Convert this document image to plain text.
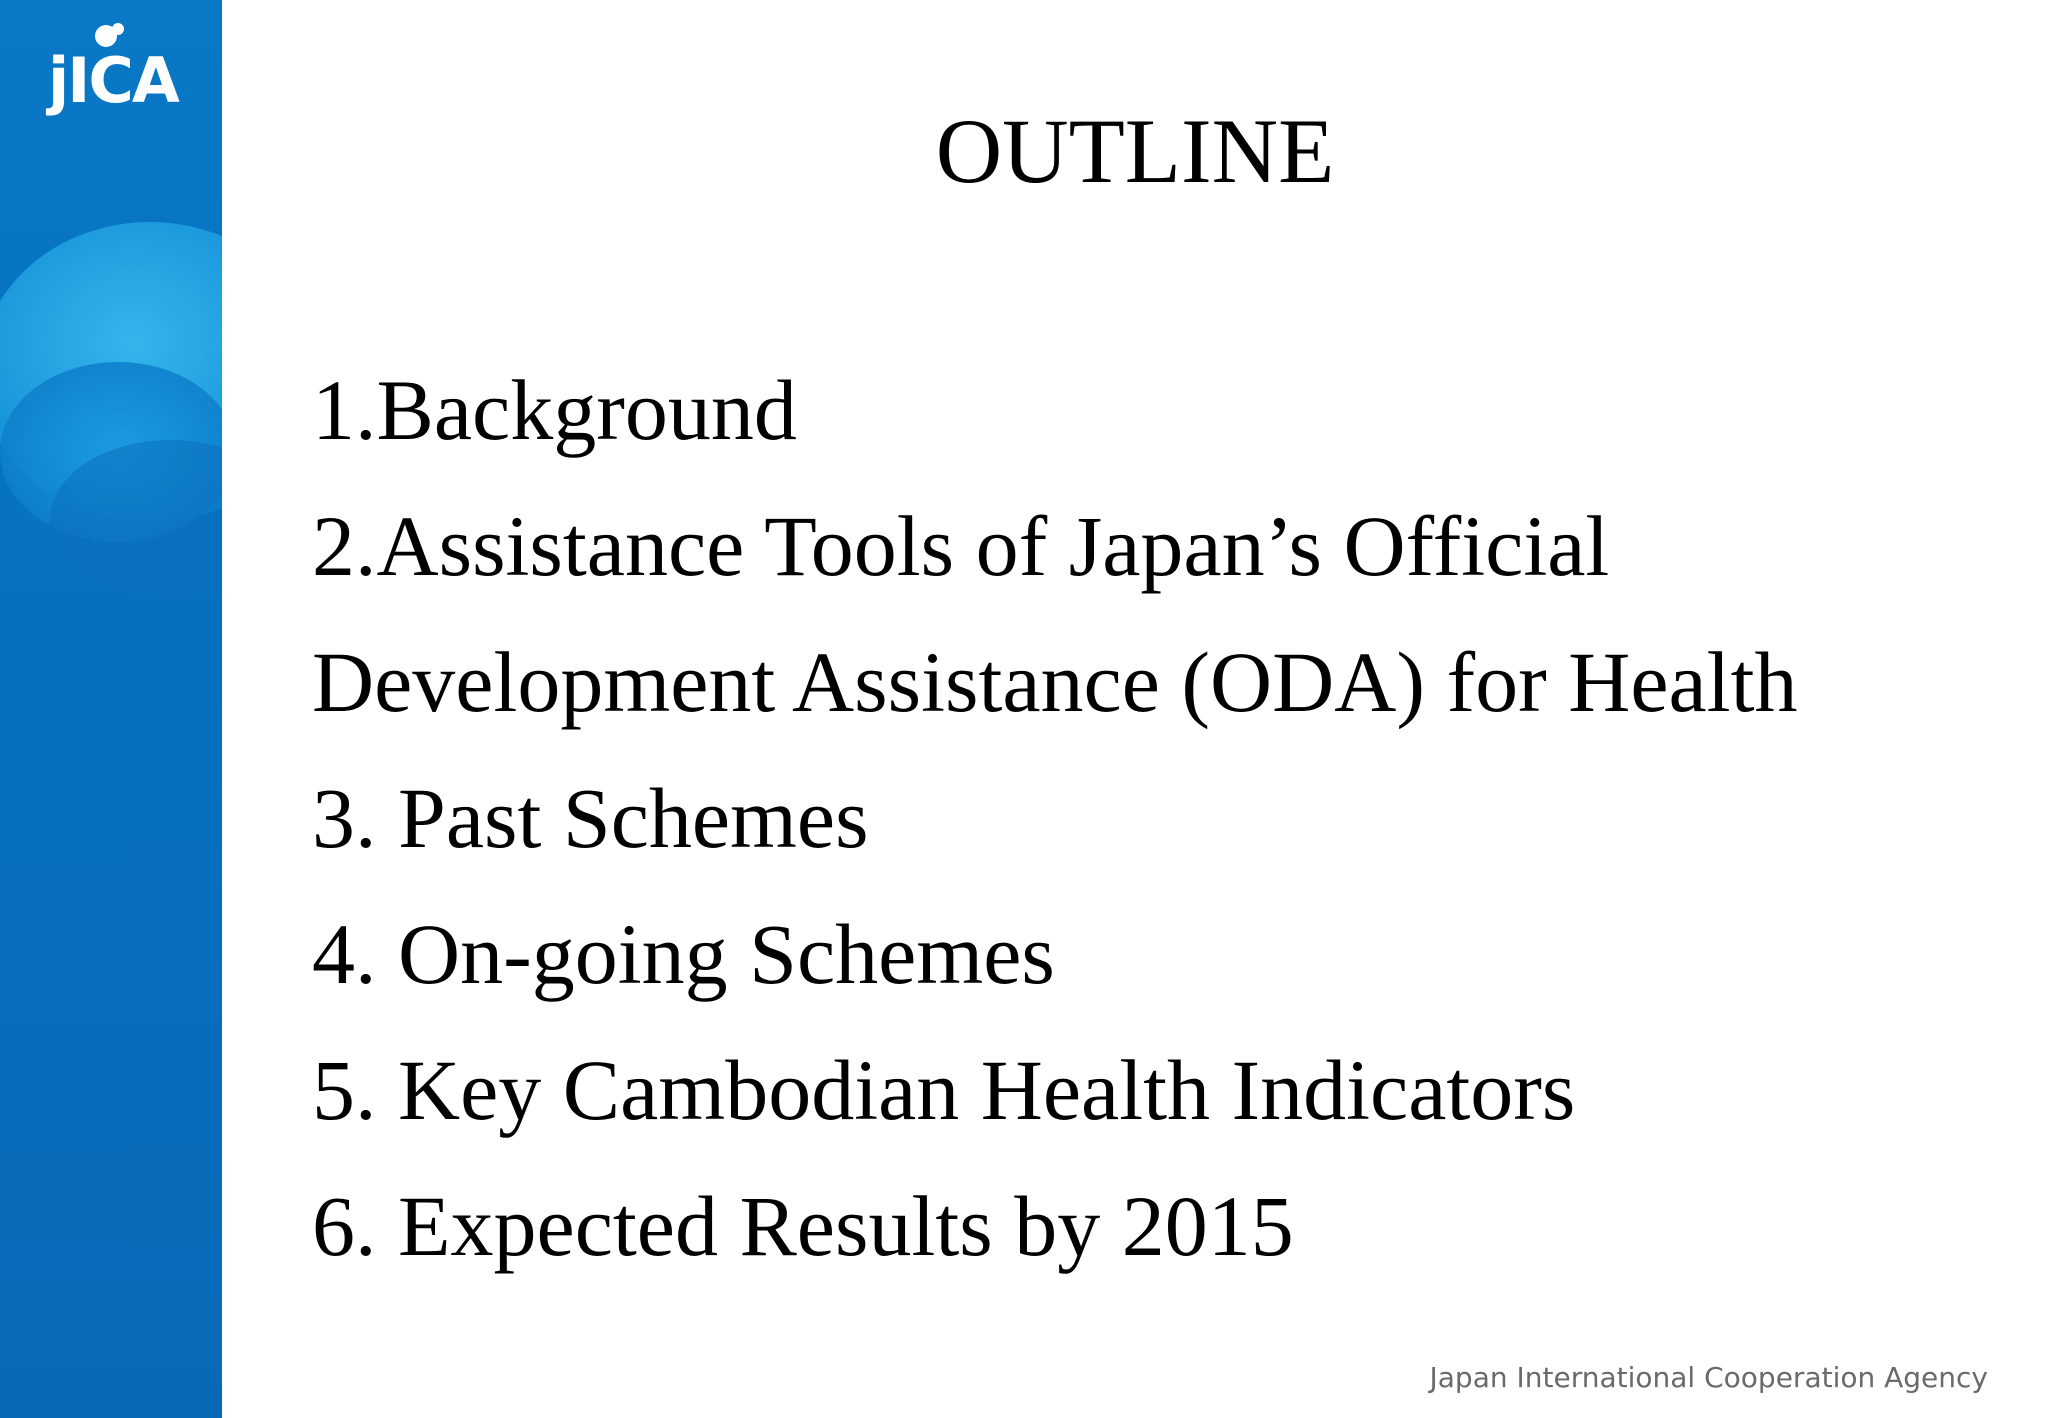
jICA
OUTLINE
1.Background
2.Assistance Tools of Japan’s Official
Development Assistance (ODA) for Health
3. Past Schemes
4. On-going Schemes
5. Key Cambodian Health Indicators
6. Expected Results by 2015
Japan International Cooperation Agency
